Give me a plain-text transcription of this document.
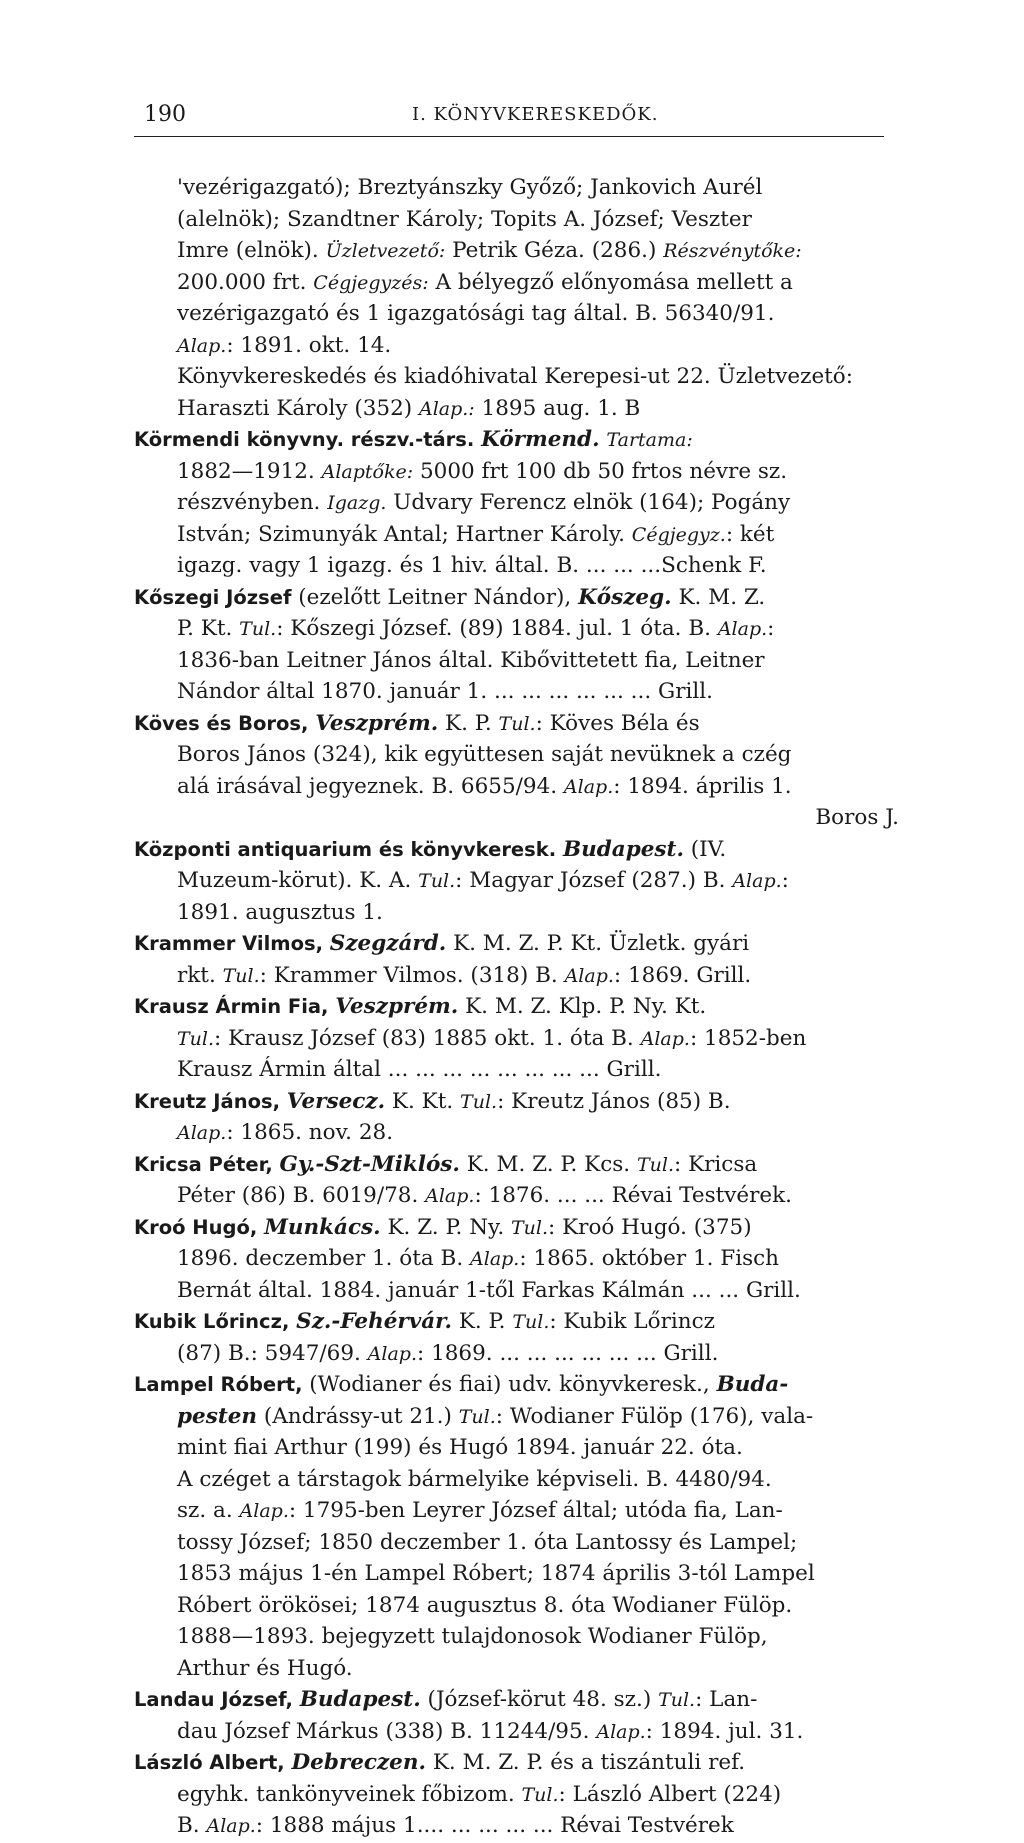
190	I. KÖNYVKERESKEDŐK.
'vezérigazgató); Breztyánszky Győző; Jankovich Aurél
(alelnök); Szandtner Károly; Topits A. József; Veszter
Imre (elnök). Üzletvezető: Petrik Géza. (286.) Részvénytőke:
200.000 frt. Cégjegyzés: A bélyegző előnyomása mellett a
vezérigazgató és 1 igazgatósági tag által. B. 56340/91.
Alap.: 1891. okt. 14.
Könyvkereskedés és kiadóhivatal Kerepesi-ut 22. Üzletvezető:
Haraszti Károly (352) Alap.: 1895 aug. 1. B
Körmendi könyvny. részv.-társ. Körmend. Tartama:
1882—1912. Alaptőke: 5000 frt 100 db 50 frtos névre sz.
részvényben. Igazg. Udvary Ferencz elnök (164); Pogány
István; Szimunyák Antal; Hartner Károly. Cégjegyz.: két
igazg. vagy 1 igazg. és 1 hiv. által. B. ... ... ...Schenk F.
Kőszegi József (ezelőtt Leitner Nándor), Kőszeg. K. M. Z.
P. Kt. Tul.: Kőszegi József. (89) 1884. jul. 1 óta. B. Alap.:
1836-ban Leitner János által. Kibővittetett fia, Leitner
Nándor által 1870. január 1. ... ... ... ... ... ... Grill.
Köves és Boros, Veszprém. K. P. Tul.: Köves Béla és
Boros János (324), kik együttesen saját nevüknek a czég
alá irásával jegyeznek. B. 6655/94. Alap.: 1894. április 1.
Boros J.
Központi antiquarium és könyvkeresk. Budapest. (IV.
Muzeum-körut). K. A. Tul.: Magyar József (287.) B. Alap.:
1891. augusztus 1.
Krammer Vilmos, Szegzárd. K. M. Z. P. Kt. Üzletk. gyári
rkt. Tul.: Krammer Vilmos. (318) B. Alap.: 1869. Grill.
Krausz Ármin Fia, Veszprém. K. M. Z. Klp. P. Ny. Kt.
Tul.: Krausz József (83) 1885 okt. 1. óta B. Alap.: 1852-ben
Krausz Ármin által ... ... ... ... ... ... ... ... Grill.
Kreutz János, Versecz. K. Kt. Tul.: Kreutz János (85) B.
Alap.: 1865. nov. 28.
Kricsa Péter, Gy.-Szt-Miklós. K. M. Z. P. Kcs. Tul.: Kricsa
Péter (86) B. 6019/78. Alap.: 1876. ... ... Révai Testvérek.
Kroó Hugó, Munkács. K. Z. P. Ny. Tul.: Kroó Hugó. (375)
1896. deczember 1. óta B. Alap.: 1865. október 1. Fisch
Bernát által. 1884. január 1-től Farkas Kálmán ... ... Grill.
Kubik Lőrincz, Sz.-Fehérvár. K. P. Tul.: Kubik Lőrincz
(87) B.: 5947/69. Alap.: 1869. ... ... ... ... ... ... Grill.
Lampel Róbert, (Wodianer és fiai) udv. könyvkeresk., Buda-
pesten (Andrássy-ut 21.) Tul.: Wodianer Fülöp (176), vala-
mint fiai Arthur (199) és Hugó 1894. január 22. óta.
A czéget a társtagok bármelyike képviseli. B. 4480/94.
sz. a. Alap.: 1795-ben Leyrer József által; utóda fia, Lan-
tossy József; 1850 deczember 1. óta Lantossy és Lampel;
1853 május 1-én Lampel Róbert; 1874 április 3-tól Lampel
Róbert örökösei; 1874 augusztus 8. óta Wodianer Fülöp.
1888—1893. bejegyzett tulajdonosok Wodianer Fülöp,
Arthur és Hugó.
Landau József, Budapest. (József-körut 48. sz.) Tul.: Lan-
dau József Márkus (338) B. 11244/95. Alap.: 1894. jul. 31.
László Albert, Debreczen. K. M. Z. P. és a tiszántuli ref.
egyhk. tankönyveinek főbizom. Tul.: László Albert (224)
B. Alap.: 1888 május 1.... ... ... ... ... Révai Testvérek
